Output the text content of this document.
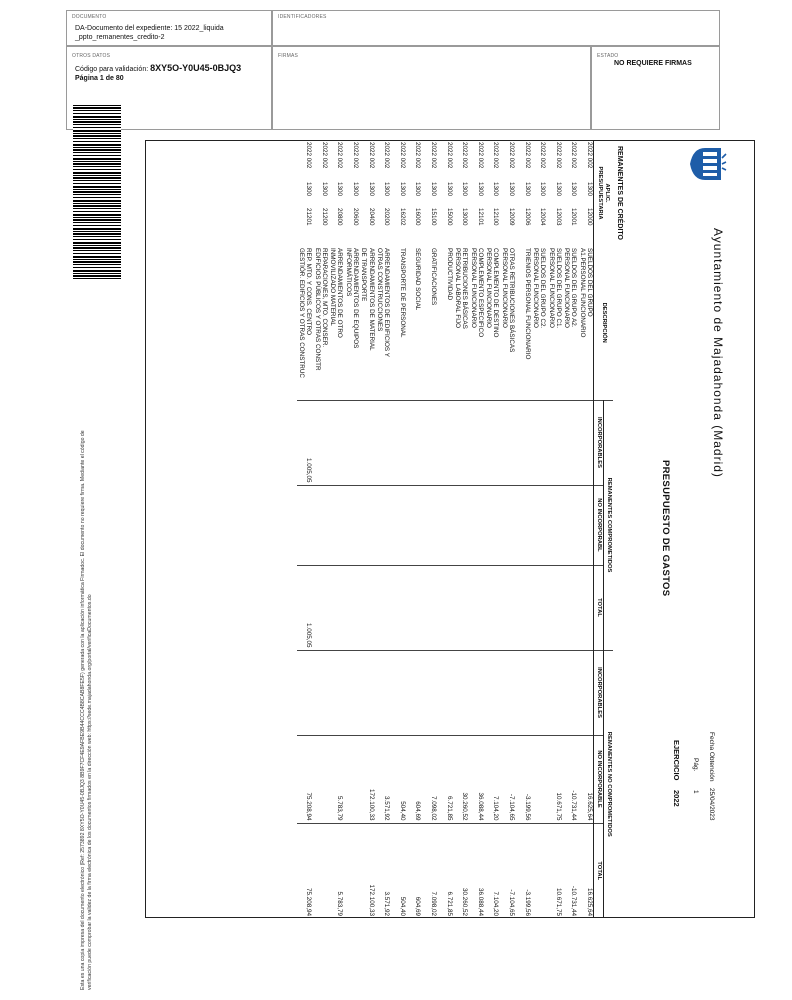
DOCUMENTO
DA-Documento del expediente: 15 2022_liquida
_ppto_remanentes_credito-2
IDENTIFICADORES
OTROS DATOS
Código para validación: 8XY5O-Y0U45-0BJQ3
Página 1 de 80
FIRMAS	ESTADO
NO REQUIERE FIRMAS
Esta es una copia impresa del documento electrónico (Ref: 2573892 8XY5O-Y0U45-0BJQ3 8B9F7CF4E9AFBE9B44CCC4B8CAB8FE5F) generada con la aplicación informática Firmadoc. El documento no requiere firma. Mediante el código de verificación puede comprobar la validez de la firma electrónica de los documentos firmados en la dirección web: https://sede.majadahonda.org/portal/verificaDocumentos.do
Ayuntamiento de Majadahonda (Madrid)
Fecha Obtención
25/04/2023
Pág.
1
EJERCICIO
2022
PRESUPUESTO DE GASTOS
REMANENTES DE CRÉDITO
APLIC.
PRESUPUESTARIA			DESCRIPCIÓN	REMANENTES COMPROMETIDOS			REMANENTES NO COMPROMETIDOS		
				INCORPORABLES	NO INCORPORABL	TOTAL	INCORPORABLES	NO INCORPORABLE	TOTAL
2022 002	1300	12000	SUELDOS DEL GRUPO
A1.PERSONAL FUNCIONARIO					16.625,64	16.625,64
2022 002	1300	12001	SUELDOS DEL GRUPO A2.
PERSONAL FUNCIONARIO					-10.731,44	-10.731,44
2022 002	1300	12003	SUELDOS DEL GRUPO C1.
PERSONAL FUNCIONARIO					10.671,75	10.671,75
2022 002	1300	12004	SUELDOS DEL GRUPO C2.
PERSONAL FUNCIONARIO						

2022 002	1300	12006	TRIENIOS PERSONAL FUNCIONARIO					-3.199,56	-3.199,56
2022 002	1300	12009	OTRAS RETRIBUCIONES BÁSICAS
PERSONAL FUNCIONARIO					-7.104,65	-7.104,65
2022 002	1300	12100	COMPLEMENTO DE DESTINO
PERSONAL FUNCIONARIO					7.104,20	7.104,20
2022 002	1300	12101	COMPLEMENTO ESPECIFICO
PERSONAL FUNCIONARIO					36.088,44	36.088,44
2022 002	1300	13000	RETRIBUCIONES BÁSICAS
PERSONAL LABORAL FIJO					30.260,52	30.260,52
2022 002	1300	15000	PRODUCTIVIDAD					6.721,85	6.721,85
2022 002	1300	15100	GRATIFICACIONES					7.098,02	7.098,02
2022 002	1300	16000	SEGURIDAD SOCIAL					604,69	604,69
2022 002	1300	16202	TRANSPORTE DE PERSONAL					504,40	504,40
2022 002	1300	20200	ARRENDAMIENTOS DE EDIFICIOS Y
OTRAS CONSTRUCCIONES					3.571,92	3.571,92
2022 002	1300	20400	ARRENDAMIENTOS DE MATERIAL
DE TRANSPORTE					172.100,33	172.100,33
2022 002	1300	20600	ARRENDAMIENTOS DE EQUIPOS
INFORMÁTICOS						

2022 002	1300	20800	ARRENDAMIENTOS DE OTRO
INMOVILIZADO MATERIAL					5.783,79	5.783,79
2022 002	1300	21200	REPARACIONES, MTO. CONSER.
EDIFICIOS PÚBLICOS Y OTRAS CONSTR						

2022 002	1300	21201	REP. MTO. Y CONS. CENTRO
GESTIÓR. EDIFICIOS Y OTRAS CONSTRUC	1.005,05		1.005,05		75.208,94	75.208,94
